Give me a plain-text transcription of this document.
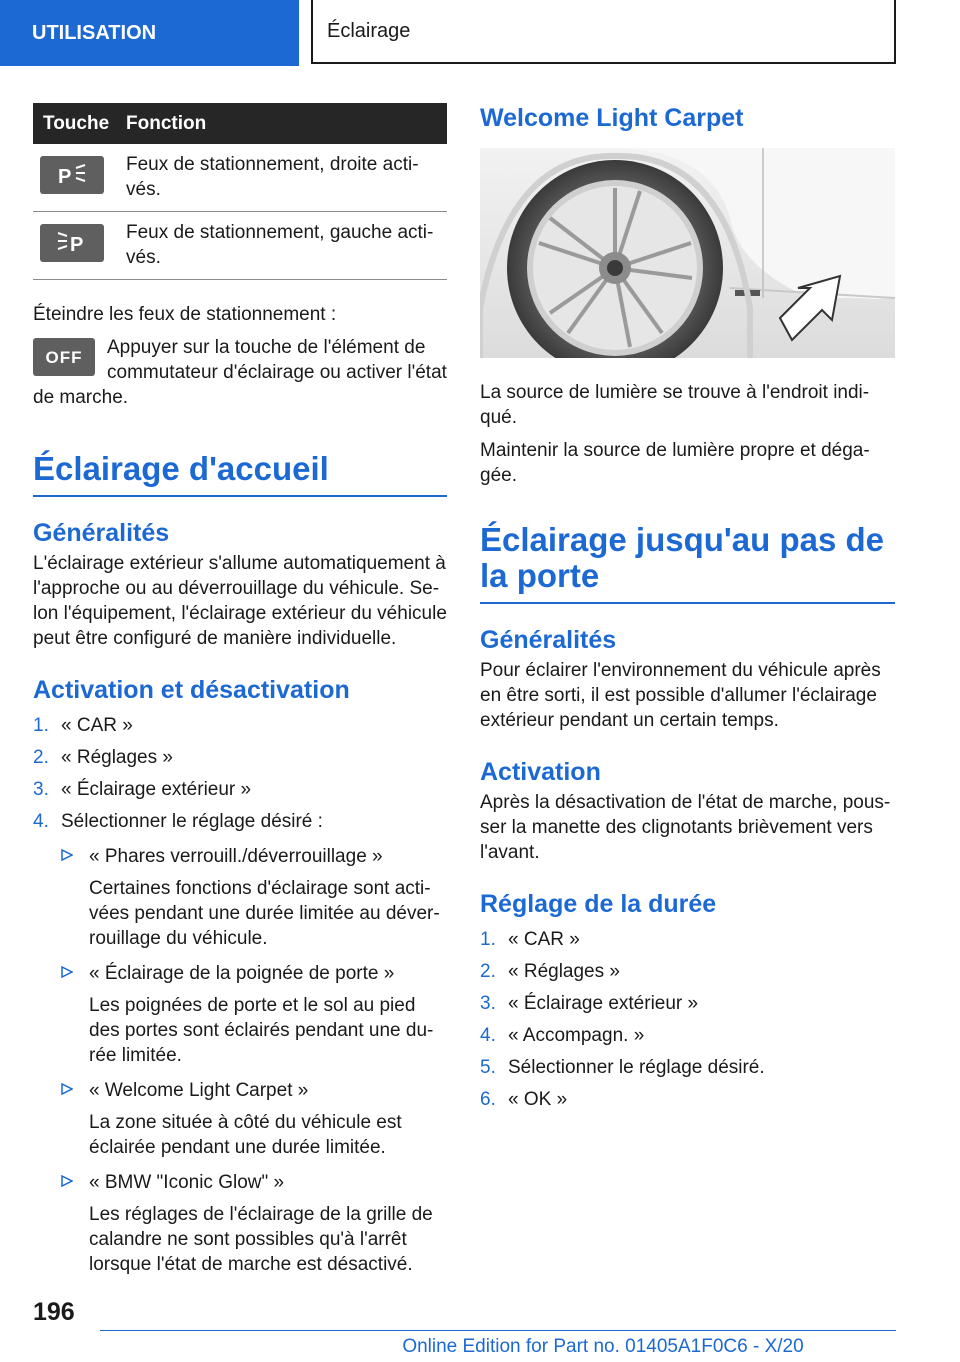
UTILISATION	Éclairage
Touche	Fonction

P	Feux de stationnement, droite acti-vés.

P	Feux de stationnement, gauche acti-vés.

Éteindre les feux de stationnement :

OFF	Appuyer sur la touche de l'élément de commutateur d'éclairage ou activer l'état de marche.
Éclairage d'accueil
Généralités

L'éclairage extérieur s'allume automatiquement à l'approche ou au déverrouillage du véhicule. Se-lon l'équipement, l'éclairage extérieur du véhicule peut être configuré de manière individuelle.

Activation et désactivation
1. « CAR »
2. « Réglages »
3. « Éclairage extérieur »
4. Sélectionner le réglage désiré :
« Phares verrouill./déverrouillage »
Certaines fonctions d'éclairage sont acti-vées pendant une durée limitée au déver-rouillage du véhicule.
« Éclairage de la poignée de porte »
Les poignées de porte et le sol au pied des portes sont éclairés pendant une du-rée limitée.
« Welcome Light Carpet »
La zone située à côté du véhicule est éclairée pendant une durée limitée.
« BMW "Iconic Glow" »
Les réglages de l'éclairage de la grille de calandre ne sont possibles qu'à l'arrêt lorsque l'état de marche est désactivé.
Welcome Light Carpet

La source de lumière se trouve à l'endroit indi-qué.

Maintenir la source de lumière propre et déga-gée.

Éclairage jusqu'au pas de la porte
Généralités

Pour éclairer l'environnement du véhicule après en être sorti, il est possible d'allumer l'éclairage extérieur pendant un certain temps.

Activation

Après la désactivation de l'état de marche, pous-ser la manette des clignotants brièvement vers l'avant.

Réglage de la durée
1. « CAR »
2. « Réglages »
3. « Éclairage extérieur »
4. « Accompagn. »
5. Sélectionner le réglage désiré.
6. « OK »
196
Online Edition for Part no. 01405A1F0C6 - X/20
